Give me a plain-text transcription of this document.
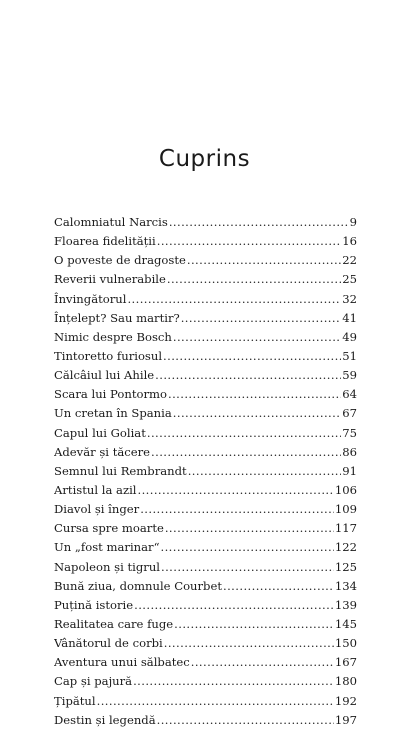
Cuprins
Calomniatul Narcis .....	9
Floarea fidelității .....	16
O poveste de dragoste .....	22
Reverii vulnerabile .....	25
Învingătorul .....	32
Înțelept? Sau martir? .....	41
Nimic despre Bosch .....	49
Tintoretto furiosul .....	51
Călcâiul lui Ahile .....	59
Scara lui Pontormo .....	64
Un cretan în Spania .....	67
Capul lui Goliat .....	75
Adevăr și tăcere .....	86
Semnul lui Rembrandt .....	91
Artistul la azil .....	106
Diavol și înger .....	109
Cursa spre moarte .....	117
Un „fost marinar“ .....	122
Napoleon și tigrul .....	125
Bună ziua, domnule Courbet .....	134
Puțină istorie .....	139
Realitatea care fuge .....	145
Vânătorul de corbi .....	150
Aventura unui sălbatec .....	167
Cap și pajură .....	180
Țipătul .....	192
Destin și legendă .....	197
